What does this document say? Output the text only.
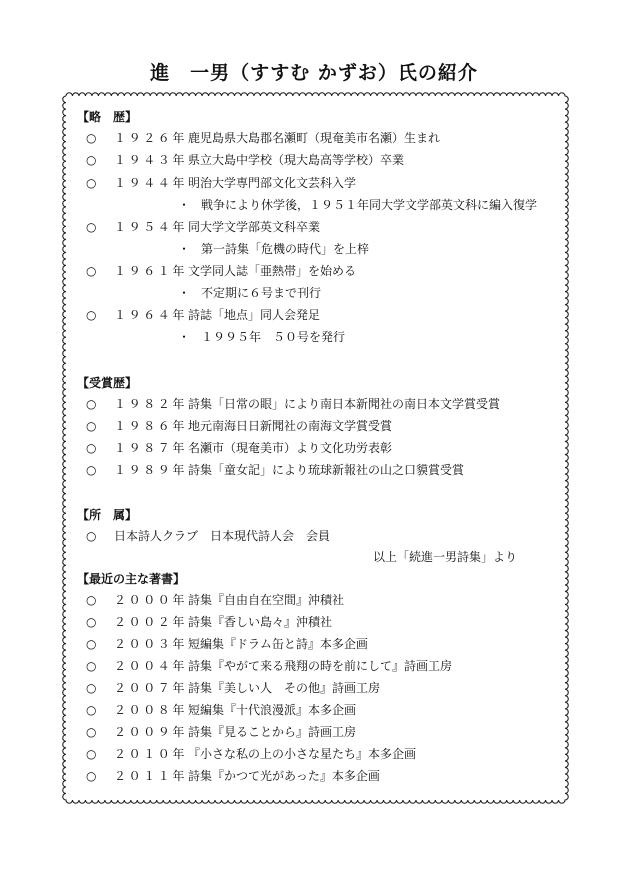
進　一男（すすむ かずお）氏の紹介
【略　歴】
○ １９２６年 鹿児島県大島郡名瀬町（現奄美市名瀬）生まれ
○ １９４３年 県立大島中学校（現大島高等学校）卒業
○ １９４４年 明治大学専門部文化文芸科入学
・ 戦争により休学後，１９５１年同大学文学部英文科に編入復学
○ １９５４年 同大学文学部英文科卒業
・ 第一詩集「危機の時代」を上梓
○ １９６１年 文学同人誌「亜熱帯」を始める
・ 不定期に６号まで刊行
○ １９６４年 詩誌「地点」同人会発足
・ １９９５年　５０号を発行
【受賞歴】
○ １９８２年 詩集「日常の眼」により南日本新聞社の南日本文学賞受賞
○ １９８６年 地元南海日日新聞社の南海文学賞受賞
○ １９８７年 名瀬市（現奄美市）より文化功労表彰
○ １９８９年 詩集「童女記」により琉球新報社の山之口貘賞受賞
【所　属】
○ 日本詩人クラブ　日本現代詩人会　会員
以上「続進一男詩集」より
【最近の主な著書】
○ ２０００年 詩集『自由自在空間』沖積社
○ ２００２年 詩集『香しい島々』沖積社
○ ２００３年 短編集『ドラム缶と詩』本多企画
○ ２００４年 詩集『やがて来る飛翔の時を前にして』詩画工房
○ ２００７年 詩集『美しい人　その他』詩画工房
○ ２００８年 短編集『十代浪漫派』本多企画
○ ２００９年 詩集『見ることから』詩画工房
○ ２０１０年 『小さな私の上の小さな星たち』本多企画
○ ２０１１年 詩集『かつて光があった』本多企画
